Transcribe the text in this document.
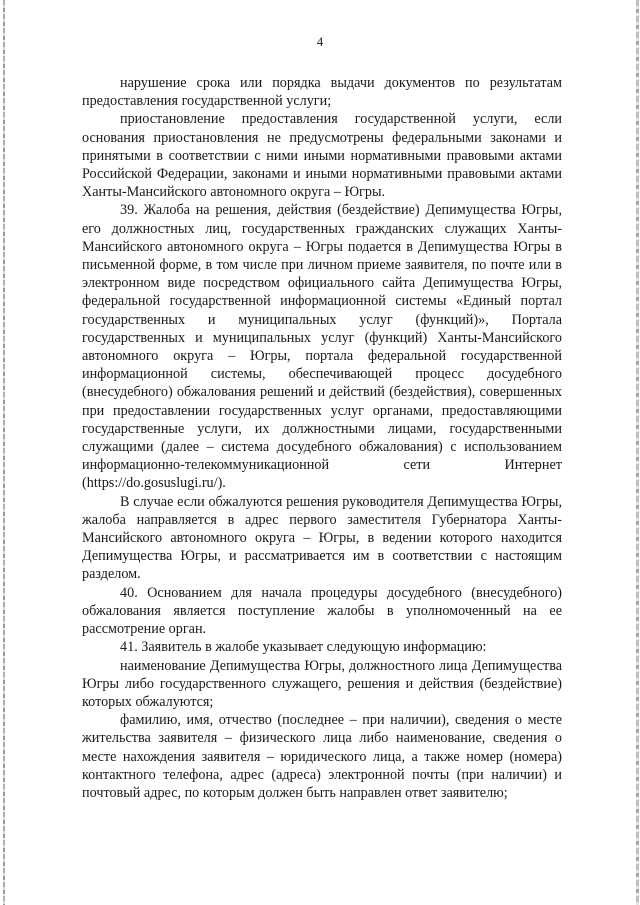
4

нарушение срока или порядка выдачи документов по результатам предоставления государственной услуги;

приостановление предоставления государственной услуги, если основания приостановления не предусмотрены федеральными законами и принятыми в соответствии с ними иными нормативными правовыми актами Российской Федерации, законами и иными нормативными правовыми актами Ханты-Мансийского автономного округа – Югры.

39. Жалоба на решения, действия (бездействие) Депимущества Югры, его должностных лиц, государственных гражданских служащих Ханты-Мансийского автономного округа – Югры подается в Депимущества Югры в письменной форме, в том числе при личном приеме заявителя, по почте или в электронном виде посредством официального сайта Депимущества Югры, федеральной государственной информационной системы «Единый портал государственных и муниципальных услуг (функций)», Портала государственных и муниципальных услуг (функций) Ханты-Мансийского автономного округа – Югры, портала федеральной государственной информационной системы, обеспечивающей процесс досудебного (внесудебного) обжалования решений и действий (бездействия), совершенных при предоставлении государственных услуг органами, предоставляющими государственные услуги, их должностными лицами, государственными служащими (далее – система досудебного обжалования) с использованием информационно-телекоммуникационной сети Интернет (https://do.gosuslugi.ru/).

В случае если обжалуются решения руководителя Депимущества Югры, жалоба направляется в адрес первого заместителя Губернатора Ханты-Мансийского автономного округа – Югры, в ведении которого находится Депимущества Югры, и рассматривается им в соответствии с настоящим разделом.

40. Основанием для начала процедуры досудебного (внесудебного) обжалования является поступление жалобы в уполномоченный на ее рассмотрение орган.

41. Заявитель в жалобе указывает следующую информацию:

наименование Депимущества Югры, должностного лица Депимущества Югры либо государственного служащего, решения и действия (бездействие) которых обжалуются;

фамилию, имя, отчество (последнее – при наличии), сведения о месте жительства заявителя – физического лица либо наименование, сведения о месте нахождения заявителя – юридического лица, а также номер (номера) контактного телефона, адрес (адреса) электронной почты (при наличии) и почтовый адрес, по которым должен быть направлен ответ заявителю;
